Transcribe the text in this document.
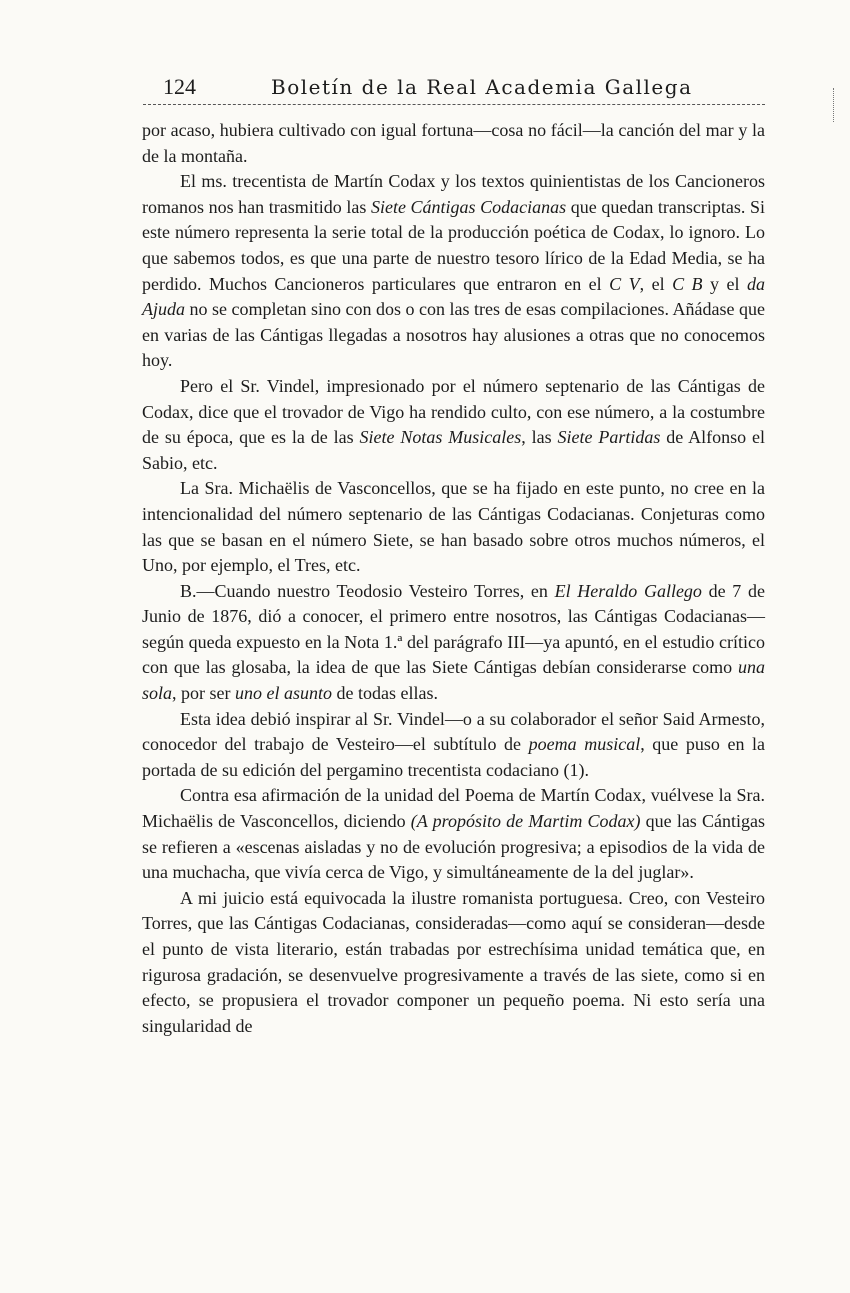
124	Boletín de la Real Academia Gallega

por acaso, hubiera cultivado con igual fortuna—cosa no fácil—la canción del mar y la de la montaña.

El ms. trecentista de Martín Codax y los textos quinientistas de los Cancioneros romanos nos han trasmitido las Siete Cántigas Codacianas que quedan transcriptas. Si este número representa la serie total de la producción poética de Codax, lo ignoro. Lo que sabemos todos, es que una parte de nuestro tesoro lírico de la Edad Media, se ha perdido. Muchos Cancioneros particulares que entraron en el C V, el C B y el da Ajuda no se completan sino con dos o con las tres de esas compilaciones. Añádase que en varias de las Cántigas llegadas a nosotros hay alusiones a otras que no conocemos hoy.

Pero el Sr. Vindel, impresionado por el número septenario de las Cántigas de Codax, dice que el trovador de Vigo ha rendido culto, con ese número, a la costumbre de su época, que es la de las Siete Notas Musicales, las Siete Partidas de Alfonso el Sabio, etc.

La Sra. Michaëlis de Vasconcellos, que se ha fijado en este punto, no cree en la intencionalidad del número septenario de las Cántigas Codacianas. Conjeturas como las que se basan en el número Siete, se han basado sobre otros muchos números, el Uno, por ejemplo, el Tres, etc.

B.—Cuando nuestro Teodosio Vesteiro Torres, en El Heraldo Gallego de 7 de Junio de 1876, dió a conocer, el primero entre nosotros, las Cántigas Codacianas—según queda expuesto en la Nota 1.ª del parágrafo III—ya apuntó, en el estudio crítico con que las glosaba, la idea de que las Siete Cántigas debían considerarse como una sola, por ser uno el asunto de todas ellas.

Esta idea debió inspirar al Sr. Vindel—o a su colaborador el señor Said Armesto, conocedor del trabajo de Vesteiro—el subtítulo de poema musical, que puso en la portada de su edición del pergamino trecentista codaciano (1).

Contra esa afirmación de la unidad del Poema de Martín Codax, vuélvese la Sra. Michaëlis de Vasconcellos, diciendo (A propósito de Martim Codax) que las Cántigas se refieren a «escenas aisladas y no de evolución progresiva; a episodios de la vida de una muchacha, que vivía cerca de Vigo, y simultáneamente de la del juglar».

A mi juicio está equivocada la ilustre romanista portuguesa. Creo, con Vesteiro Torres, que las Cántigas Codacianas, consideradas—como aquí se consideran—desde el punto de vista literario, están trabadas por estrechísima unidad temática que, en rigurosa gradación, se desenvuelve progresivamente a través de las siete, como si en efecto, se propusiera el trovador componer un pequeño poema. Ni esto sería una singularidad de
